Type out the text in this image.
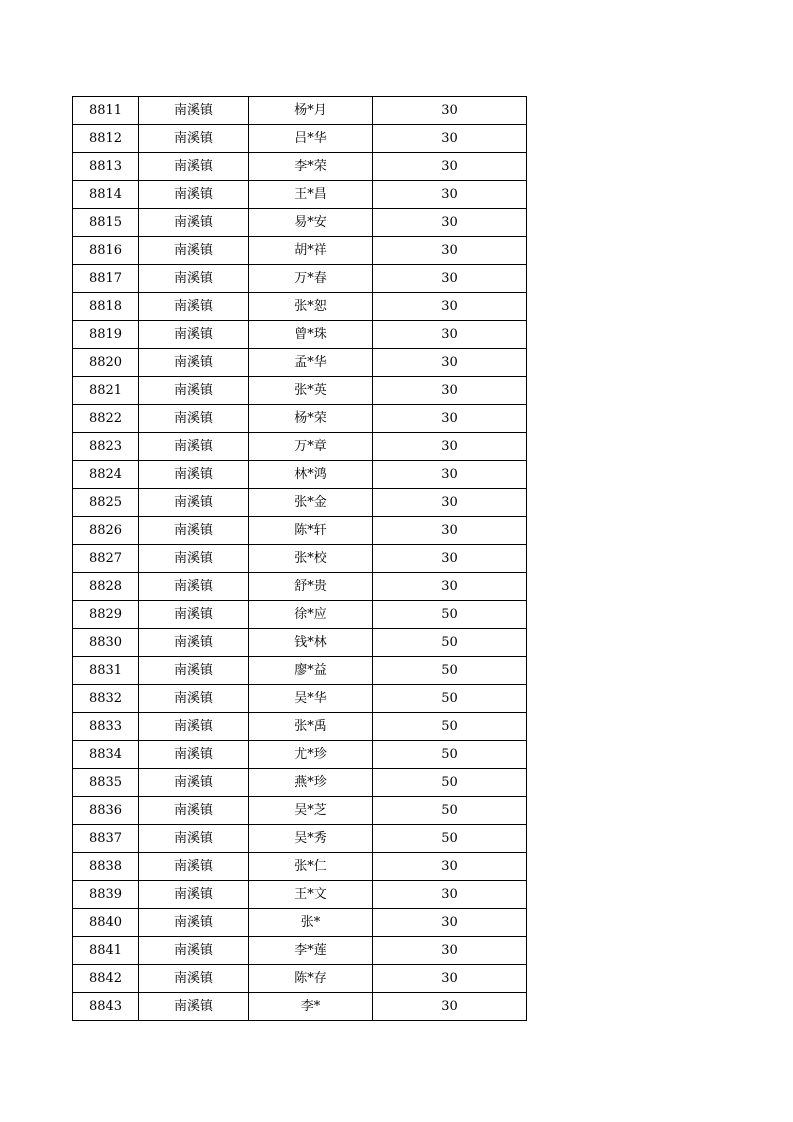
8811	南溪镇	杨*月	30
8812	南溪镇	吕*华	30
8813	南溪镇	李*荣	30
8814	南溪镇	王*昌	30
8815	南溪镇	易*安	30
8816	南溪镇	胡*祥	30
8817	南溪镇	万*春	30
8818	南溪镇	张*恕	30
8819	南溪镇	曾*珠	30
8820	南溪镇	孟*华	30
8821	南溪镇	张*英	30
8822	南溪镇	杨*荣	30
8823	南溪镇	万*章	30
8824	南溪镇	林*鸿	30
8825	南溪镇	张*金	30
8826	南溪镇	陈*轩	30
8827	南溪镇	张*校	30
8828	南溪镇	舒*贵	30
8829	南溪镇	徐*应	50
8830	南溪镇	钱*林	50
8831	南溪镇	廖*益	50
8832	南溪镇	吴*华	50
8833	南溪镇	张*禹	50
8834	南溪镇	尤*珍	50
8835	南溪镇	燕*珍	50
8836	南溪镇	吴*芝	50
8837	南溪镇	吴*秀	50
8838	南溪镇	张*仁	30
8839	南溪镇	王*文	30
8840	南溪镇	张*	30
8841	南溪镇	李*莲	30
8842	南溪镇	陈*存	30
8843	南溪镇	李*	30
